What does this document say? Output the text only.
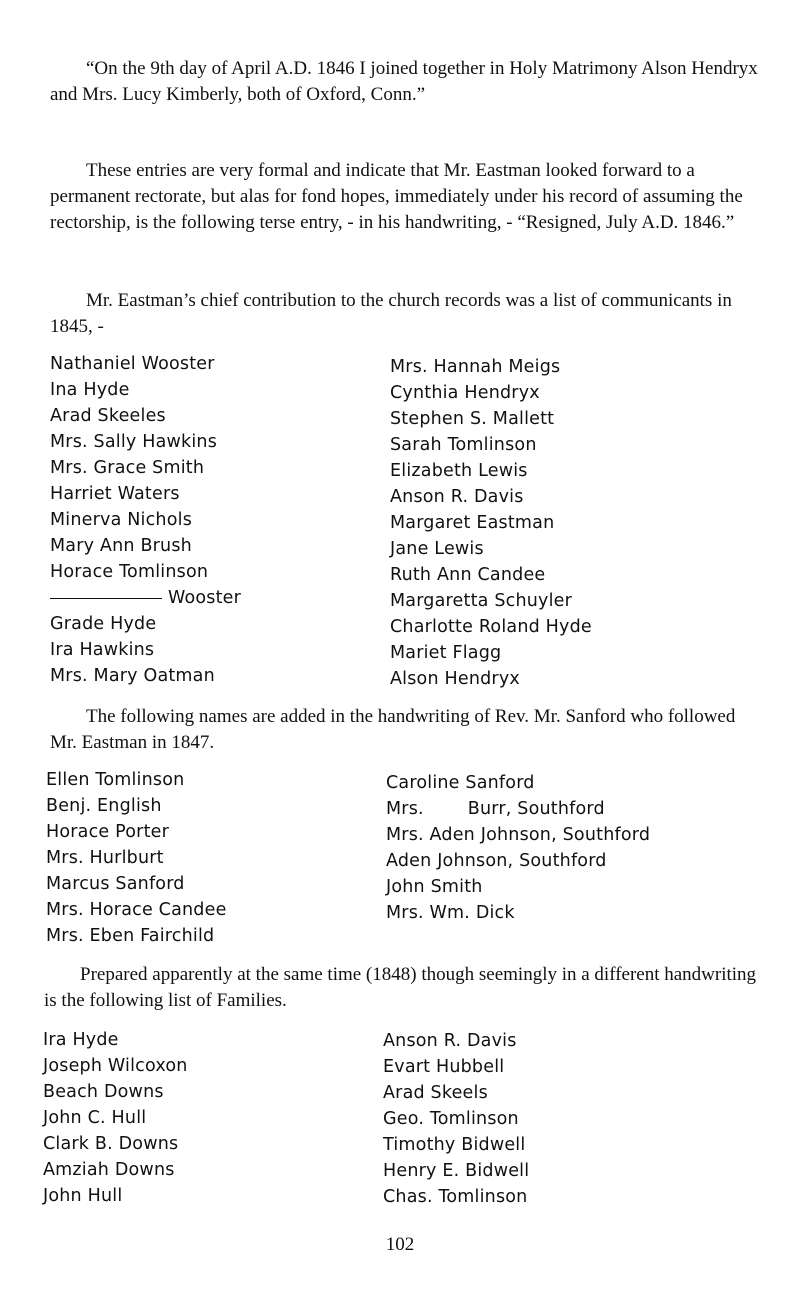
“On the 9th day of April A.D. 1846 I joined together in Holy Matrimony Alson Hendryx and Mrs. Lucy Kimberly, both of Oxford, Conn.”

These entries are very formal and indicate that Mr. Eastman looked forward to a permanent rectorate, but alas for fond hopes, immediately under his record of assuming the rectorship, is the following terse entry, - in his handwriting, - “Resigned, July A.D. 1846.”

Mr. Eastman’s chief contribution to the church records was a list of communicants in 1845, -

Nathaniel Wooster
Ina Hyde
Arad Skeeles
Mrs. Sally Hawkins
Mrs. Grace Smith
Harriet Waters
Minerva Nichols
Mary Ann Brush
Horace Tomlinson
Wooster
Grade Hyde
Ira Hawkins
Mrs. Mary Oatman
Mrs. Hannah Meigs
Cynthia Hendryx
Stephen S. Mallett
Sarah Tomlinson
Elizabeth Lewis
Anson R. Davis
Margaret Eastman
Jane Lewis
Ruth Ann Candee
Margaretta Schuyler
Charlotte Roland Hyde
Mariet Flagg
Alson Hendryx

The following names are added in the handwriting of Rev. Mr. Sanford who followed Mr. Eastman in 1847.

Ellen Tomlinson
Benj. English
Horace Porter
Mrs. Hurlburt
Marcus Sanford
Mrs. Horace Candee
Mrs. Eben Fairchild
Caroline Sanford
Mrs.	Burr, Southford
Mrs. Aden Johnson, Southford
Aden Johnson, Southford
John Smith
Mrs. Wm. Dick

Prepared apparently at the same time (1848) though seemingly in a different handwriting is the following list of Families.

Ira Hyde
Joseph Wilcoxon
Beach Downs
John C. Hull
Clark B. Downs
Amziah Downs
John Hull
Anson R. Davis
Evart Hubbell
Arad Skeels
Geo. Tomlinson
Timothy Bidwell
Henry E. Bidwell
Chas. Tomlinson
102
